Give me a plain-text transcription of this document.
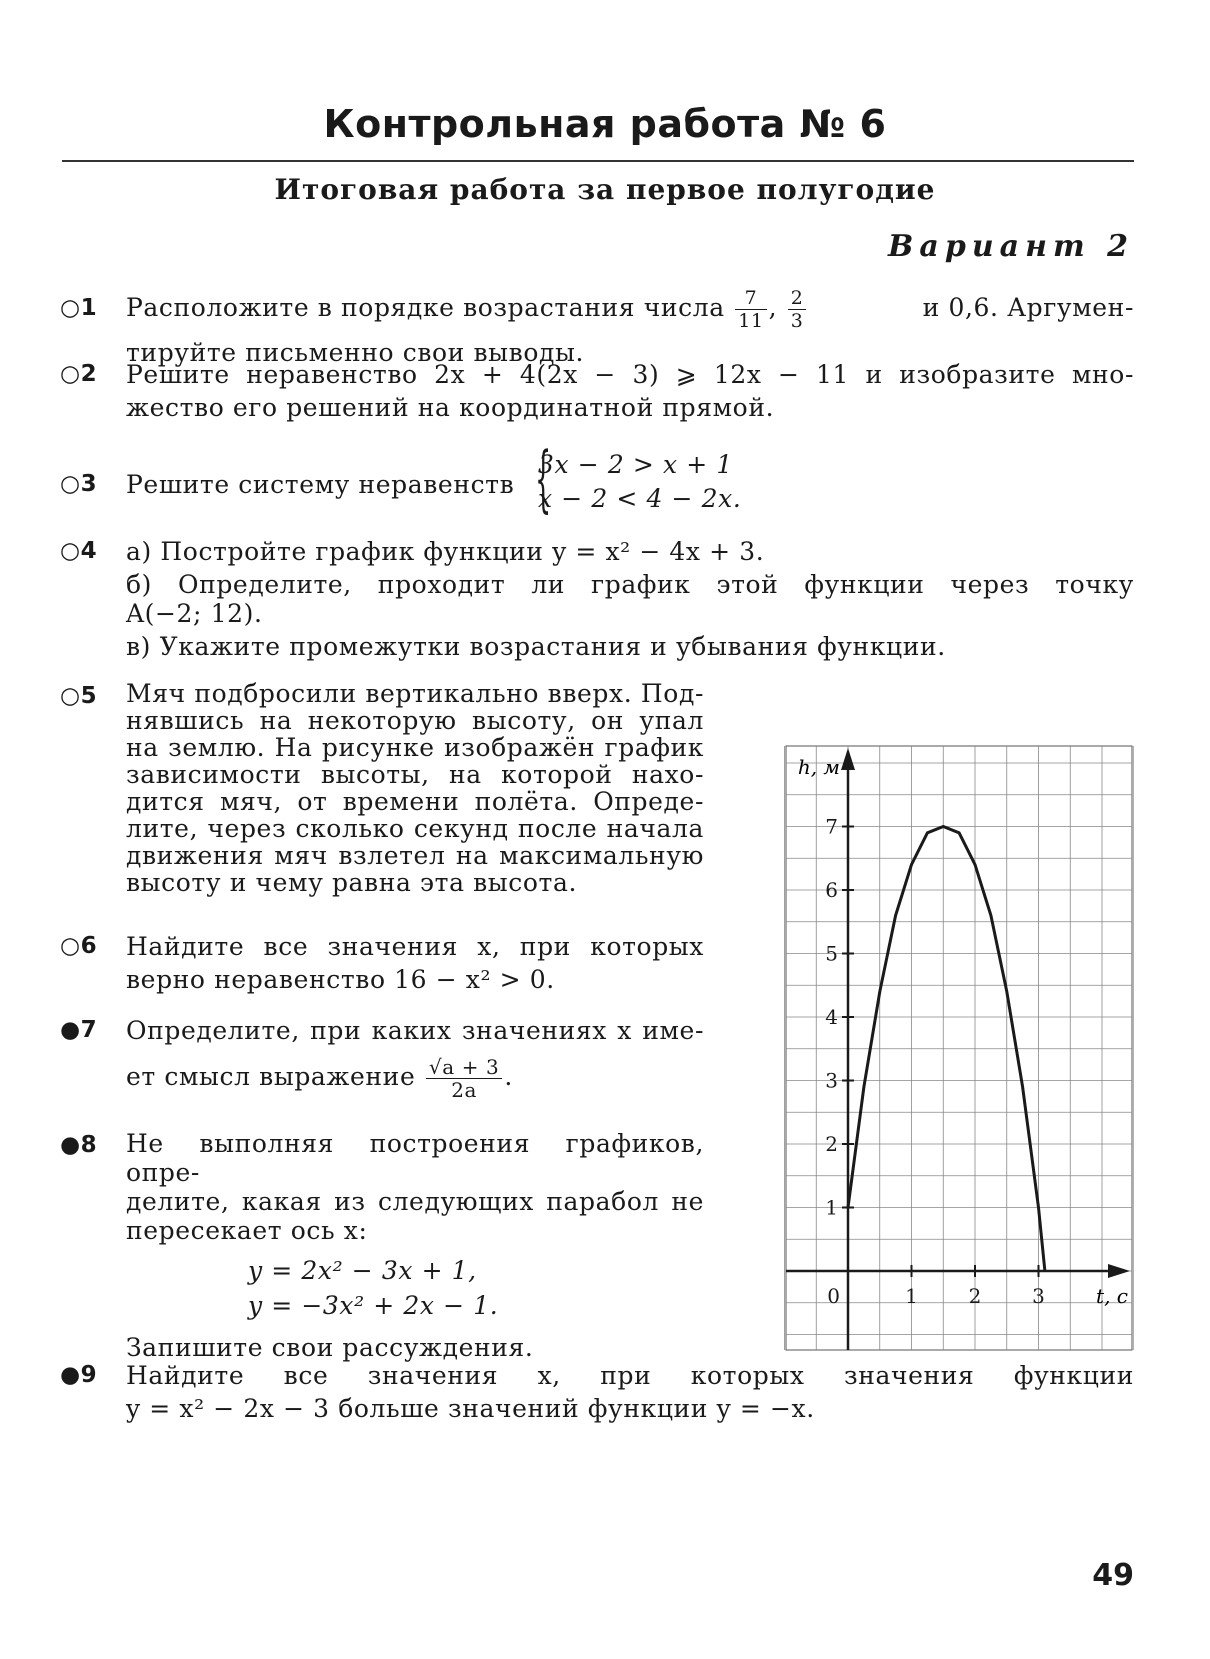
Контрольная работа № 6
Итоговая работа за первое полугодие
Вариант 2
○1	Расположите в порядке возрастания числа $\frac{7}{11}$ , $\frac{2}{3}$	и 0,6. Аргумен-
тируйте письменно свои выводы.
○2	Решите неравенство 2x + 4(2x − 3) ⩾ 12x − 11 и изобразите мно-
жество его решений на координатной прямой.
○3	Решите систему неравенств {
3x − 2 > x + 1
x − 2 < 4 − 2x.
○4	а) Постройте график функции y = x² − 4x + 3.
б) Определите, проходит ли график этой функции через точку
A(−2; 12).
в) Укажите промежутки возрастания и убывания функции.
○5	Мяч подбросили вертикально вверх. Под-
нявшись на некоторую высоту, он упал
на землю. На рисунке изображён график
зависимости высоты, на которой нахо-
дится мяч, от времени полёта. Опреде-
лите, через сколько секунд после начала
движения мяч взлетел на максимальную
высоту и чему равна эта высота.
○6	Найдите все значения x, при которых
верно неравенство 16 − x² > 0.
●7	Определите, при каких значениях x име-
ет смысл выражение $\frac{√a + 3}{2a}$ .
●8	Не выполняя построения графиков, опре-
делите, какая из следующих парабол не
пересекает ось x:
y = 2x² − 3x + 1,
y = −3x² + 2x − 1.
Запишите свои рассуждения.
●9	Найдите все значения x, при которых значения функции
y = x² − 2x − 3 больше значений функции y = −x.
1
2
3
4
5
6
7
0	1	2	3
h, м
t, с
49
